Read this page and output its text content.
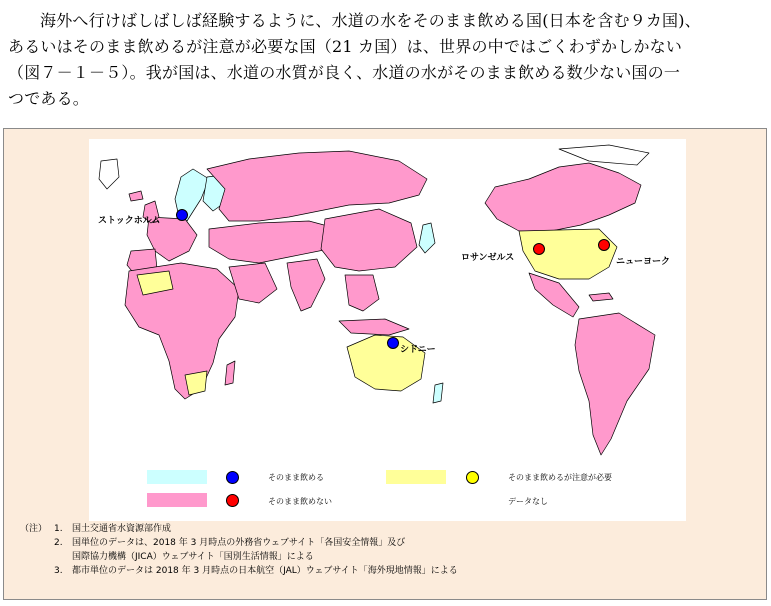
海外へ行けばしばしば経験するように、水道の水をそのまま飲める国(日本を含む９カ国)、

あるいはそのまま飲めるが注意が必要な国（21 カ国）は、世界の中ではごくわずかしかない

（図７－１－５）。我が国は、水道の水質が良く、水道の水がそのまま飲める数少ない国の一

つである。

ストックホルム
シドニー
ロサンゼルス	ニューヨーク
そのまま飲める	そのまま飲めるが注意が必要
そのまま飲めない	データなし
（注） 1. 国土交通省水資源部作成
2. 国単位のデータは、2018 年 3 月時点の外務省ウェブサイト「各国安全情報」及び
国際協力機構（JICA）ウェブサイト「国別生活情報」による
3. 都市単位のデータは 2018 年 3 月時点の日本航空（JAL）ウェブサイト「海外現地情報」による
